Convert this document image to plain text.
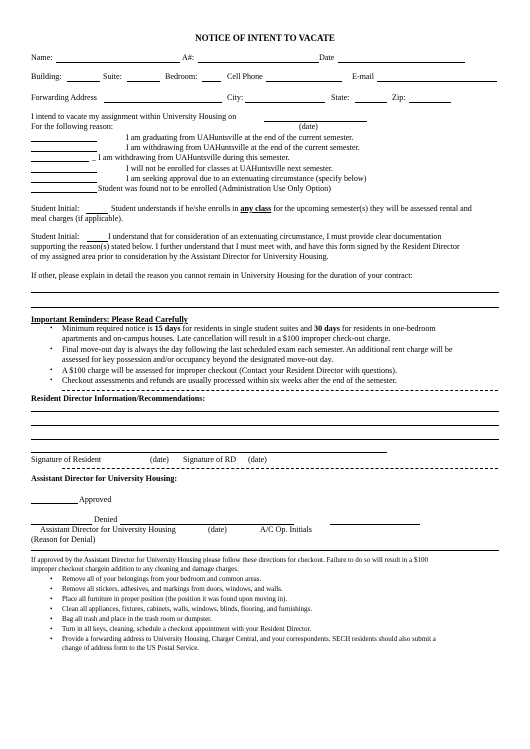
NOTICE OF INTENT TO VACATE
Name:	A#:	Date
Building:	Suite:	Bedroom:	Cell Phone	E-mail
Forwarding Address	City:	State:	Zip:
I intend to vacate my assignment within University Housing on
For the following reason:	(date)
I am graduating from UAHuntsville at the end of the current semester.
I am withdrawing from UAHuntsville at the end of the current semester.
_ I am withdrawing from UAHuntsville during this semester.
I will not be enrolled for classes at UAHuntsville next semester.
I am seeking approval due to an extenuating circumstance (specify below)
Student was found not to be enrolled (Administration Use Only Option)
Student Initial:	Student understands if he/she enrolls in any class for the upcoming semester(s) they will be assessed rental and
meal charges (if applicable).
Student Initial:	I understand that for consideration of an extenuating circumstance, I must provide clear documentation
supporting the reason(s) stated below. I further understand that I must meet with, and have this form signed by the Resident Director
of my assigned area prior to consideration by the Assistant Director for University Housing.
If other, please explain in detail the reason you cannot remain in University Housing for the duration of your contract:
Important Reminders: Please Read Carefully
• Minimum required notice is 15 days for residents in single student suites and 30 days for residents in one-bedroom
apartments and on-campus houses. Late cancellation will result in a $100 improper check-out charge.
• Final move-out day is always the day following the last scheduled exam each semester. An additional rent charge will be
assessed for key possession and/or occupancy beyond the designated move-out day.
• A $100 charge will be assessed for improper checkout (Contact your Resident Director with questions).
• Checkout assessments and refunds are usually processed within six weeks after the end of the semester.
Resident Director Information/Recommendations:
Signature of Resident	(date) Signature of RD (date)
Assistant Director for University Housing:
Approved
Denied
Assistant Director for University Housing	(date)	A/C Op. Initials
(Reason for Denial)
If approved by the Assistant Director for University Housing please follow these directions for checkout. Failure to do so will result in a $100
improper checkout chargein addition to any cleaning and damage charges.
• Remove all of your belongings from your bedroom and common areas.
• Remove all stickers, adhesives, and markings from doors, windows, and walls.
• Place all furniture in proper position (the position it was found upon moving in).
• Clean all appliances, fixtures, cabinets, walls, windows, blinds, flooring, and furnishings.
• Bag all trash and place in the trash room or dumpster.
• Turn in all keys, cleaning, schedule a checkout appointment with your Resident Director.
• Provide a forwarding address to University Housing, Charger Central, and your correspondents. SECH residents should also submit a
change of address form to the US Postal Service.
